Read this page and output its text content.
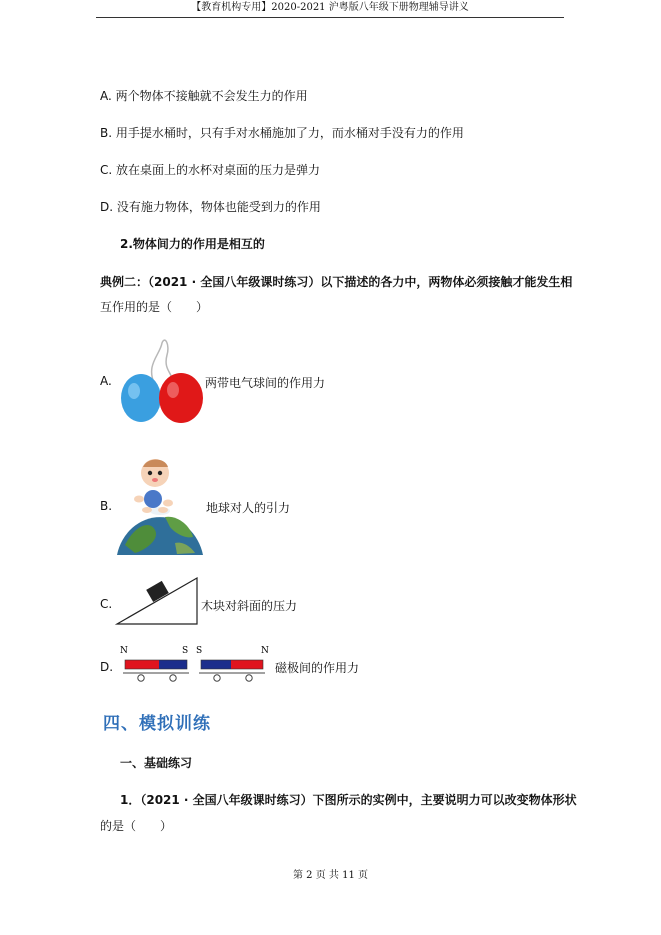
【教育机构专用】2020-2021 沪粤版八年级下册物理辅导讲义
A. 两个物体不接触就不会发生力的作用
B. 用手提水桶时，只有手对水桶施加了力，而水桶对手没有力的作用
C. 放在桌面上的水杯对桌面的压力是弹力
D. 没有施力物体，物体也能受到力的作用
2.物体间力的作用是相互的
典例二：（2021 · 全国八年级课时练习）以下描述的各力中，两物体必须接触才能发生相
互作用的是（　　）
A.	两带电气球间的作用力
B.	地球对人的引力
C.	木块对斜面的压力
D.
N	S S	N
磁极间的作用力
四、模拟训练
一、基础练习
1．（2021 · 全国八年级课时练习）下图所示的实例中，主要说明力可以改变物体形状
的是（　　）
第 2 页 共 11 页
